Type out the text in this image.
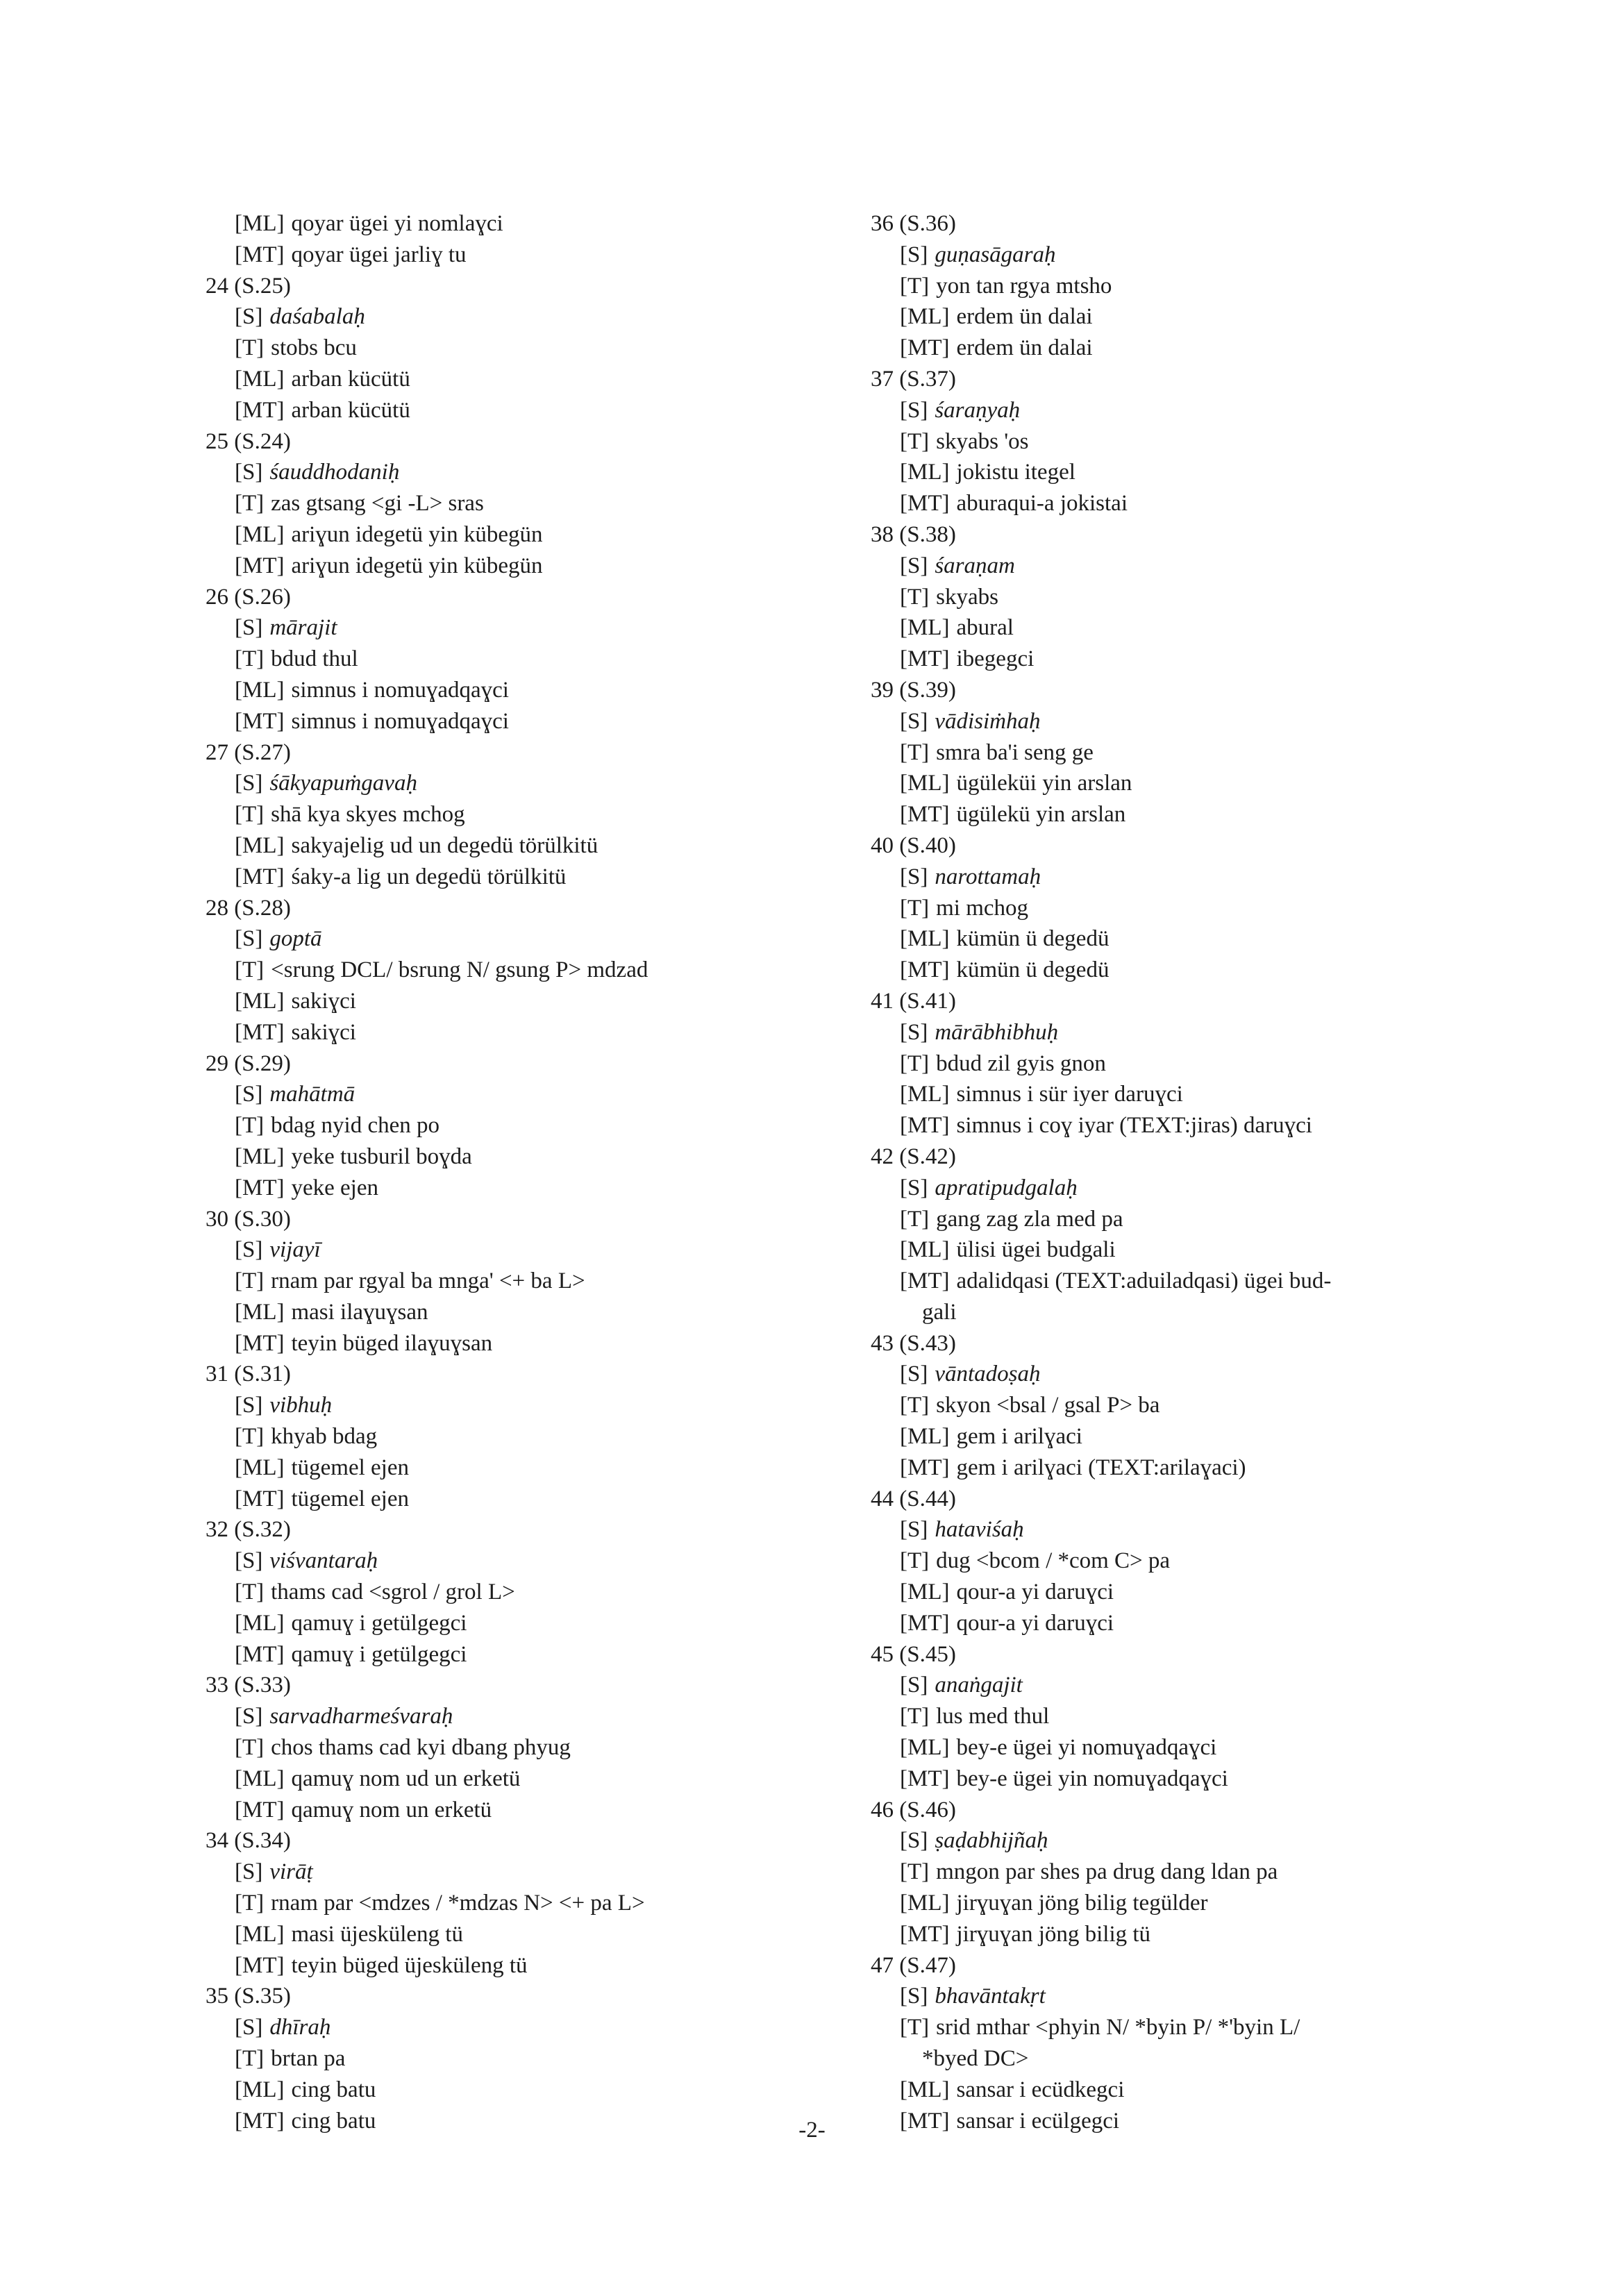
[ML] qoyar ügei yi nomlaɣci
[MT] qoyar ügei jarliɣ tu
24 (S.25)
[S] daśabalaḥ
[T] stobs bcu
[ML] arban kücütü
[MT] arban kücütü
25 (S.24)
[S] śauddhodaniḥ
[T] zas gtsang <gi -L> sras
[ML] ariɣun idegetü yin kübegün
[MT] ariɣun idegetü yin kübegün
26 (S.26)
[S] mārajit
[T] bdud thul
[ML] simnus i nomuɣadqaɣci
[MT] simnus i nomuɣadqaɣci
27 (S.27)
[S] śākyapuṁgavaḥ
[T] shā kya skyes mchog
[ML] sakyajelig ud un degedü törülkitü
[MT] śaky-a lig un degedü törülkitü
28 (S.28)
[S] goptā
[T] <srung DCL/ bsrung N/ gsung P> mdzad
[ML] sakiɣci
[MT] sakiɣci
29 (S.29)
[S] mahātmā
[T] bdag nyid chen po
[ML] yeke tusburil boɣda
[MT] yeke ejen
30 (S.30)
[S] vijayī
[T] rnam par rgyal ba mnga' <+ ba L>
[ML] masi ilaɣuɣsan
[MT] teyin büged ilaɣuɣsan
31 (S.31)
[S] vibhuḥ
[T] khyab bdag
[ML] tügemel ejen
[MT] tügemel ejen
32 (S.32)
[S] viśvantaraḥ
[T] thams cad <sgrol / grol L>
[ML] qamuɣ i getülgegci
[MT] qamuɣ i getülgegci
33 (S.33)
[S] sarvadharmeśvaraḥ
[T] chos thams cad kyi dbang phyug
[ML] qamuɣ nom ud un erketü
[MT] qamuɣ nom un erketü
34 (S.34)
[S] virāṭ
[T] rnam par <mdzes / *mdzas N> <+ pa L>
[ML] masi üjesküleng tü
[MT] teyin büged üjesküleng tü
35 (S.35)
[S] dhīraḥ
[T] brtan pa
[ML] cing batu
[MT] cing batu
36 (S.36)
[S] guṇasāgaraḥ
[T] yon tan rgya mtsho
[ML] erdem ün dalai
[MT] erdem ün dalai
37 (S.37)
[S] śaraṇyaḥ
[T] skyabs 'os
[ML] jokistu itegel
[MT] aburaqui-a jokistai
38 (S.38)
[S] śaraṇam
[T] skyabs
[ML] abural
[MT] ibegegci
39 (S.39)
[S] vādisiṁhaḥ
[T] smra ba'i seng ge
[ML] ügüleküi yin arslan
[MT] ügülekü yin arslan
40 (S.40)
[S] narottamaḥ
[T] mi mchog
[ML] kümün ü degedü
[MT] kümün ü degedü
41 (S.41)
[S] mārābhibhuḥ
[T] bdud zil gyis gnon
[ML] simnus i sür iyer daruɣci
[MT] simnus i coɣ iyar (TEXT:jiras) daruɣci
42 (S.42)
[S] apratipudgalaḥ
[T] gang zag zla med pa
[ML] ülisi ügei budgali
[MT] adalidqasi (TEXT:aduiladqasi) ügei bud-
gali
43 (S.43)
[S] vāntadoṣaḥ
[T] skyon <bsal / gsal P> ba
[ML] gem i arilɣaci
[MT] gem i arilɣaci (TEXT:arilaɣaci)
44 (S.44)
[S] hataviśaḥ
[T] dug <bcom / *com C> pa
[ML] qour-a yi daruɣci
[MT] qour-a yi daruɣci
45 (S.45)
[S] anaṅgajit
[T] lus med thul
[ML] bey-e ügei yi nomuɣadqaɣci
[MT] bey-e ügei yin nomuɣadqaɣci
46 (S.46)
[S] ṣaḍabhijñaḥ
[T] mngon par shes pa drug dang ldan pa
[ML] jirɣuɣan jöng bilig tegülder
[MT] jirɣuɣan jöng bilig tü
47 (S.47)
[S] bhavāntakṛt
[T] srid mthar <phyin N/ *byin P/ *'byin L/
*byed DC>
[ML] sansar i ecüdkegci
[MT] sansar i ecülgegci
-2-
